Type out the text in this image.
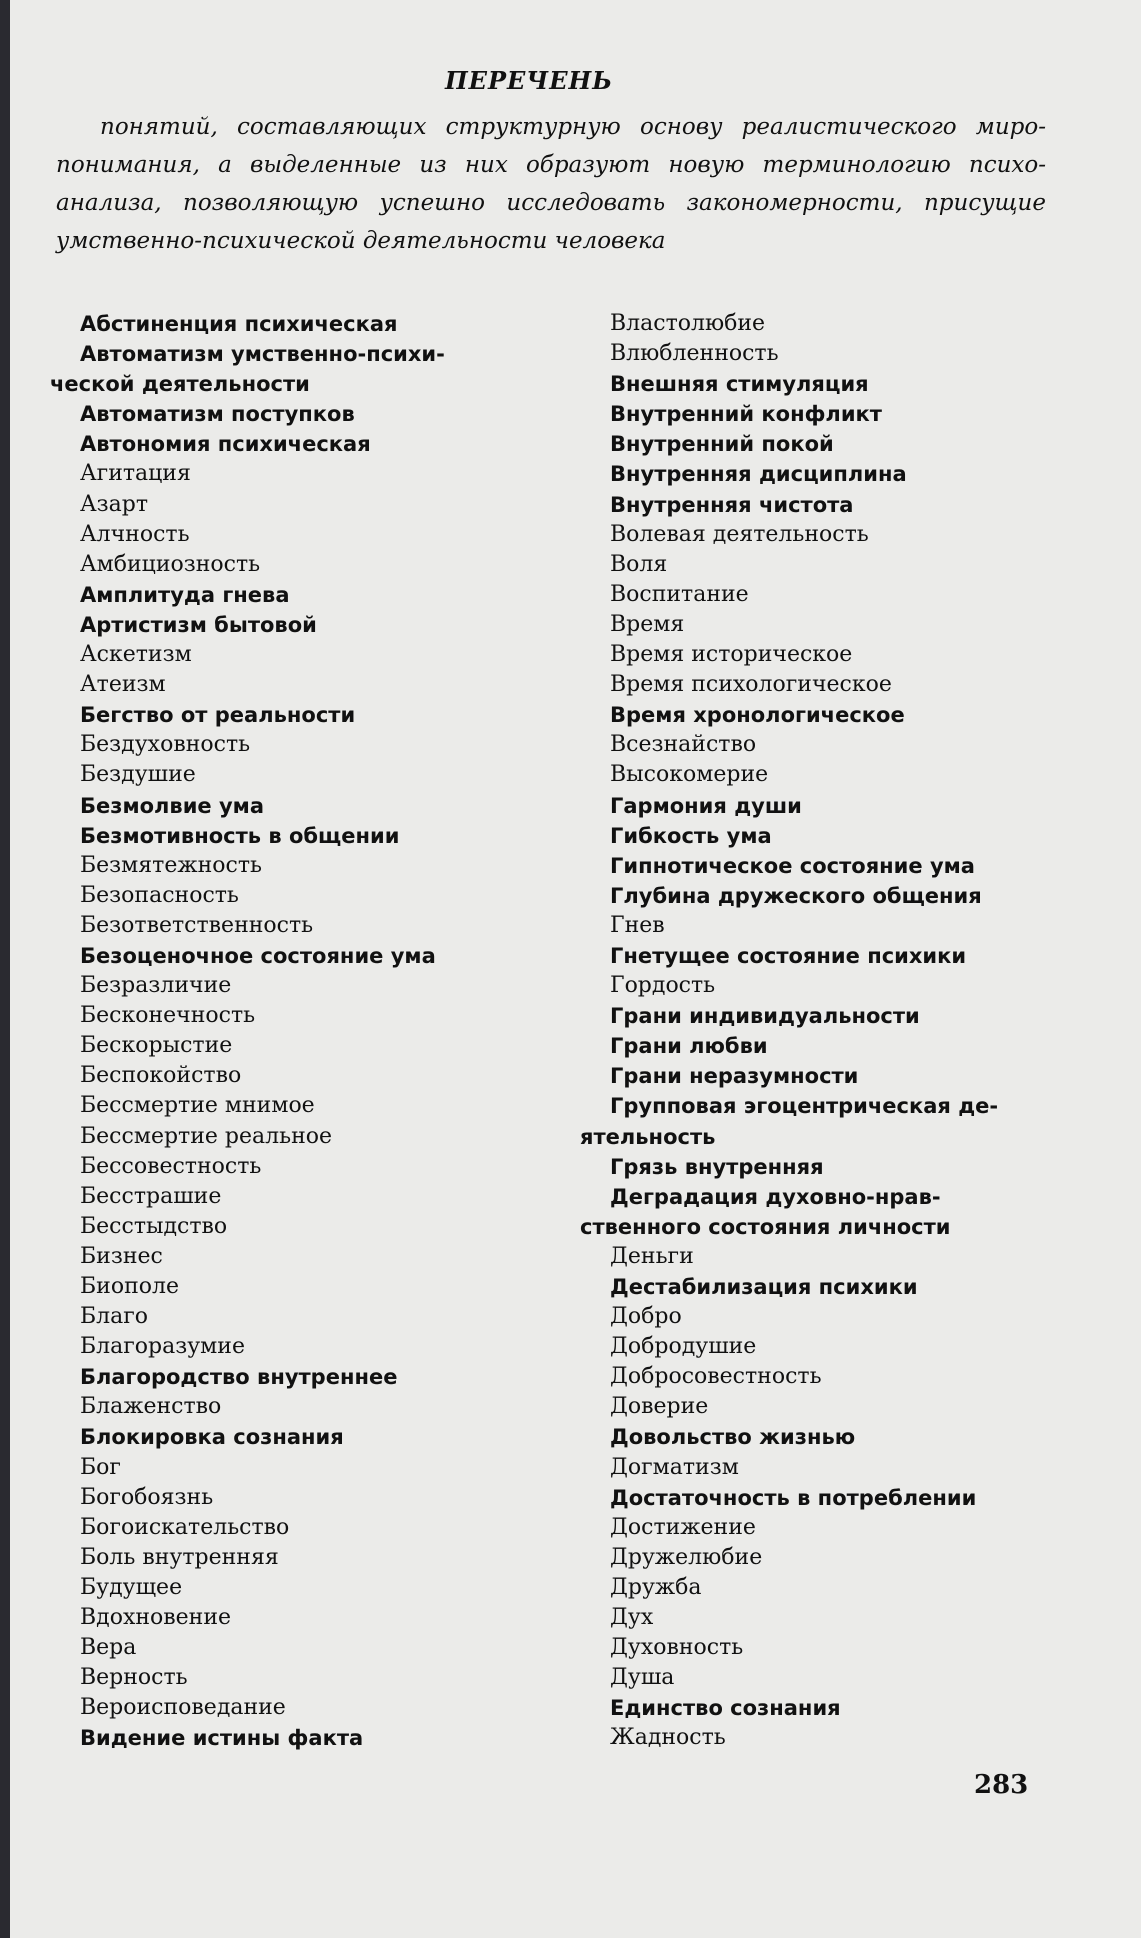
ПЕРЕЧЕНЬ
понятий, составляющих структурную основу реалистического миро-понимания, а выделенные из них образуют новую терминологию психо-анализа, позволяющую успешно исследовать закономерности, присущие умственно-психической деятельности человека
Абстиненция психическая
Автоматизм умственно-психи-
ческой деятельности
Автоматизм поступков
Автономия психическая
Агитация
Азарт
Алчность
Амбициозность
Амплитуда гнева
Артистизм бытовой
Аскетизм
Атеизм
Бегство от реальности
Бездуховность
Бездушие
Безмолвие ума
Безмотивность в общении
Безмятежность
Безопасность
Безответственность
Безоценочное состояние ума
Безразличие
Бесконечность
Бескорыстие
Беспокойство
Бессмертие мнимое
Бессмертие реальное
Бессовестность
Бесстрашие
Бесстыдство
Бизнес
Биополе
Благо
Благоразумие
Благородство внутреннее
Блаженство
Блокировка сознания
Бог
Богобоязнь
Богоискательство
Боль внутренняя
Будущее
Вдохновение
Вера
Верность
Вероисповедание
Видение истины факта
Властолюбие
Влюбленность
Внешняя стимуляция
Внутренний конфликт
Внутренний покой
Внутренняя дисциплина
Внутренняя чистота
Волевая деятельность
Воля
Воспитание
Время
Время историческое
Время психологическое
Время хронологическое
Всезнайство
Высокомерие
Гармония души
Гибкость ума
Гипнотическое состояние ума
Глубина дружеского общения
Гнев
Гнетущее состояние психики
Гордость
Грани индивидуальности
Грани любви
Грани неразумности
Групповая эгоцентрическая де-
ятельность
Грязь внутренняя
Деградация духовно-нрав-
ственного состояния личности
Деньги
Дестабилизация психики
Добро
Добродушие
Добросовестность
Доверие
Довольство жизнью
Догматизм
Достаточность в потреблении
Достижение
Дружелюбие
Дружба
Дух
Духовность
Душа
Единство сознания
Жадность
283
